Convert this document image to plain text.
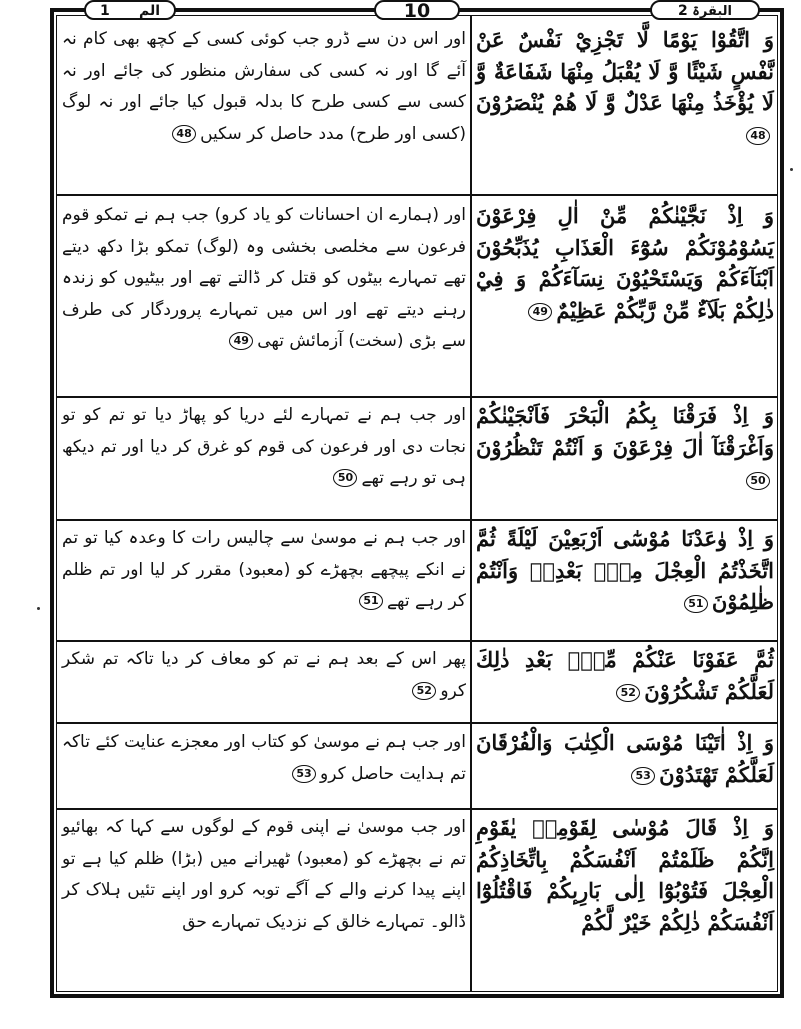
1 الم	10	البقرۃ 2
وَ اتَّقُوْا يَوْمًا لَّا تَجْزِيْ نَفْسٌ عَنْ نَّفْسٍ شَيْئًا وَّ لَا يُقْبَلُ مِنْهَا شَفَاعَةٌ وَّ لَا يُؤْخَذُ مِنْهَا عَدْلٌ وَّ لَا هُمْ يُنْصَرُوْنَ48
اور اس دن سے ڈرو جب کوئی کسی کے کچھ بھی کام نہ آئے گا اور نہ کسی کی سفارش منظور کی جائے اور نہ کسی سے کسی طرح کا بدلہ قبول کیا جائے اور نہ لوگ (کسی اور طرح) مدد حاصل کر سکیں48
وَ اِذْ نَجَّيْنٰكُمْ مِّنْ اٰلِ فِرْعَوْنَ يَسُوْمُوْنَكُمْ سُوْٓءَ الْعَذَابِ يُذَبِّحُوْنَ اَبْنَآءَكُمْ وَيَسْتَحْيُوْنَ نِسَآءَكُمْ وَ فِيْ ذٰلِكُمْ بَلَآءٌ مِّنْ رَّبِّكُمْ عَظِيْمٌ49
اور (ہمارے ان احسانات کو یاد کرو) جب ہم نے تمکو قوم فرعون سے مخلصی بخشی وہ (لوگ) تمکو بڑا دکھ دیتے تھے تمہارے بیٹوں کو قتل کر ڈالتے تھے اور بیٹیوں کو زندہ رہنے دیتے تھے اور اس میں تمہارے پروردگار کی طرف سے بڑی (سخت) آزمائش تھی49
وَ اِذْ فَرَقْنَا بِكُمُ الْبَحْرَ فَاَنْجَيْنٰكُمْ وَاَغْرَقْنَآ اٰلَ فِرْعَوْنَ وَ اَنْتُمْ تَنْظُرُوْنَ50
اور جب ہم نے تمہارے لئے دریا کو پھاڑ دیا تو تم کو تو نجات دی اور فرعون کی قوم کو غرق کر دیا اور تم دیکھ ہی تو رہے تھے50
وَ اِذْ وٰعَدْنَا مُوْسٰٓى اَرْبَعِيْنَ لَيْلَةً ثُمَّ اتَّخَذْتُمُ الْعِجْلَ مِنْۢ بَعْدِهٖ وَاَنْتُمْ ظٰلِمُوْنَ51
اور جب ہم نے موسیٰ سے چالیس رات کا وعدہ کیا تو تم نے انکے پیچھے بچھڑے کو (معبود) مقرر کر لیا اور تم ظلم کر رہے تھے51
ثُمَّ عَفَوْنَا عَنْكُمْ مِّنْۢ بَعْدِ ذٰلِكَ لَعَلَّكُمْ تَشْكُرُوْنَ52
پھر اس کے بعد ہم نے تم کو معاف کر دیا تاکہ تم شکر کرو52
وَ اِذْ اٰتَيْنَا مُوْسَى الْكِتٰبَ وَالْفُرْقَانَ لَعَلَّكُمْ تَهْتَدُوْنَ53
اور جب ہم نے موسیٰ کو کتاب اور معجزے عنایت کئے تاکہ تم ہدایت حاصل کرو53
وَ اِذْ قَالَ مُوْسٰى لِقَوْمِهٖ يٰقَوْمِ اِنَّكُمْ ظَلَمْتُمْ اَنْفُسَكُمْ بِاتِّخَاذِكُمُ الْعِجْلَ فَتُوْبُوْٓا اِلٰى بَارِىٕكُمْ فَاقْتُلُوْٓا اَنْفُسَكُمْ ذٰلِكُمْ خَيْرٌ لَّكُمْ
اور جب موسیٰ نے اپنی قوم کے لوگوں سے کہا کہ بھائیو تم نے بچھڑے کو (معبود) ٹھیرانے میں (بڑا) ظلم کیا ہے تو اپنے پیدا کرنے والے کے آگے توبہ کرو اور اپنے تئیں ہلاک کر ڈالو۔ تمہارے خالق کے نزدیک تمہارے حق
